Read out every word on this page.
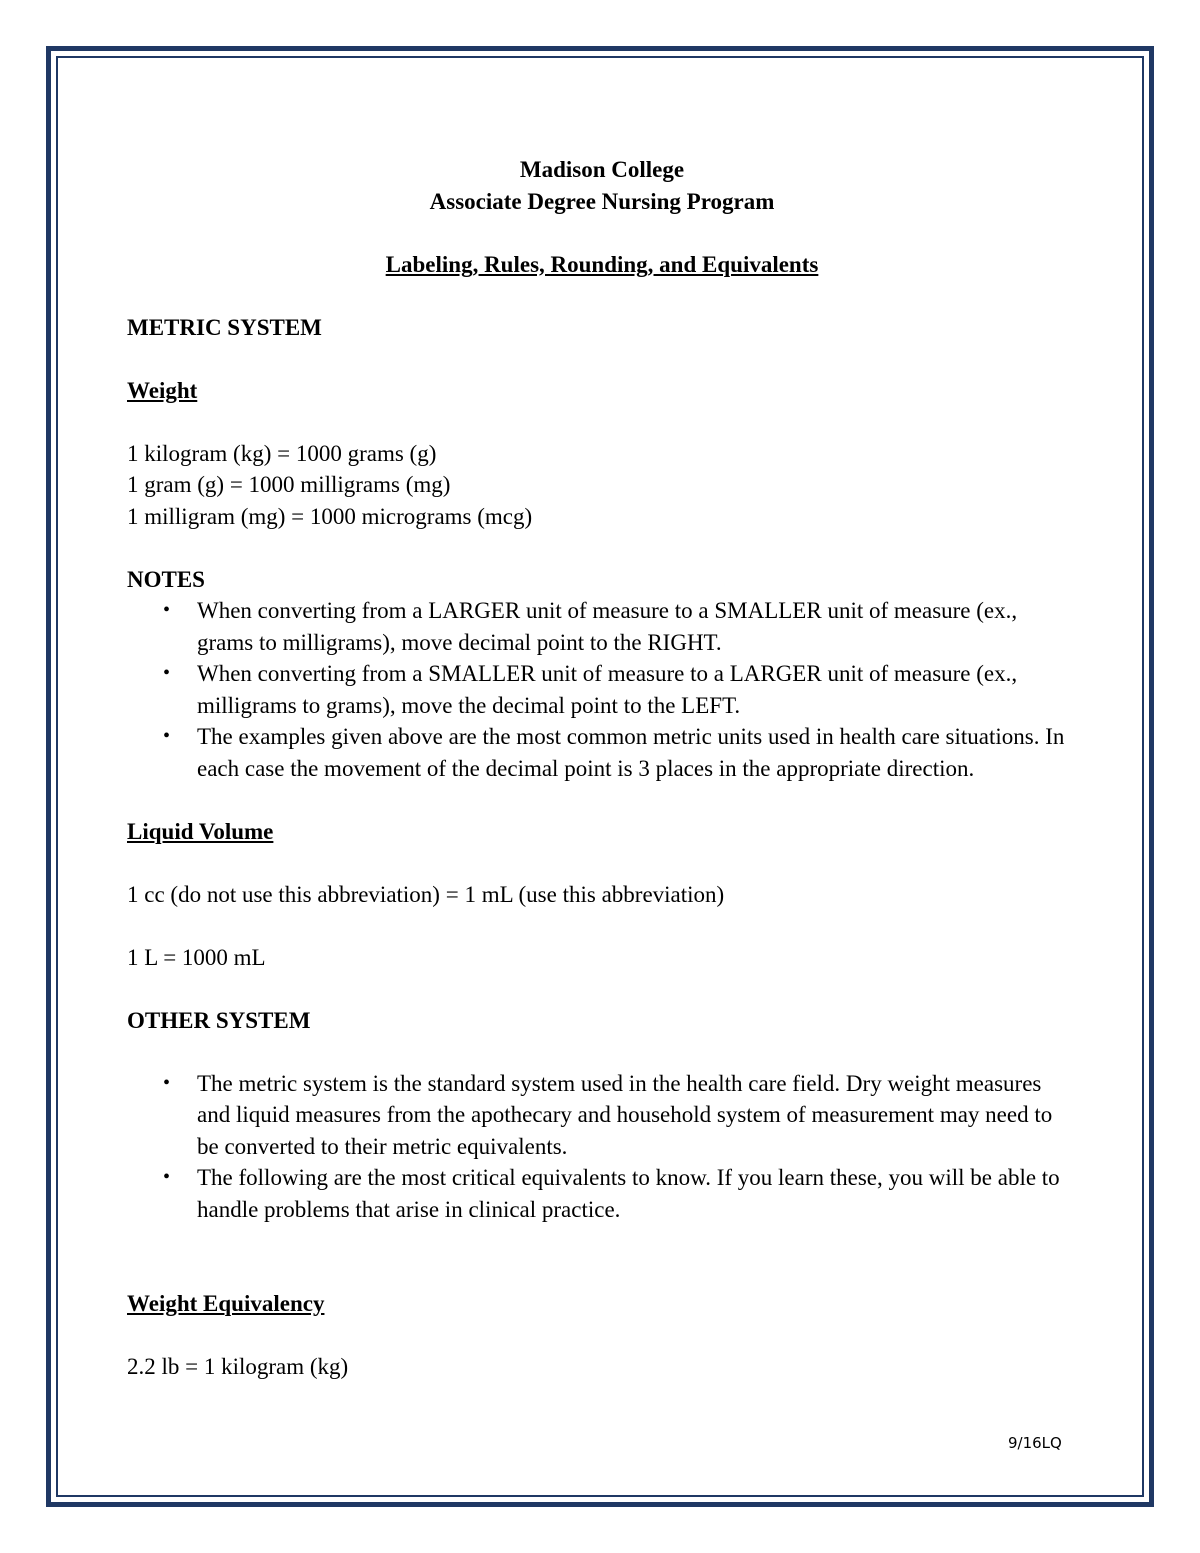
Madison College

Associate Degree Nursing Program

Labeling, Rules, Rounding, and Equivalents

METRIC SYSTEM

Weight

1 kilogram (kg) = 1000 grams (g)

1 gram (g) = 1000 milligrams (mg)

1 milligram (mg) = 1000 micrograms (mcg)

NOTES

• When converting from a LARGER unit of measure to a SMALLER unit of measure (ex., grams to milligrams), move decimal point to the RIGHT.
• When converting from a SMALLER unit of measure to a LARGER unit of measure (ex., milligrams to grams), move the decimal point to the LEFT.
• The examples given above are the most common metric units used in health care situations. In each case the movement of the decimal point is 3 places in the appropriate direction.

Liquid Volume

1 cc (do not use this abbreviation) = 1 mL (use this abbreviation)

1 L = 1000 mL

OTHER SYSTEM

• The metric system is the standard system used in the health care field. Dry weight measures and liquid measures from the apothecary and household system of measurement may need to be converted to their metric equivalents.
• The following are the most critical equivalents to know. If you learn these, you will be able to handle problems that arise in clinical practice.

Weight Equivalency

2.2 lb = 1 kilogram (kg)

9/16LQ
